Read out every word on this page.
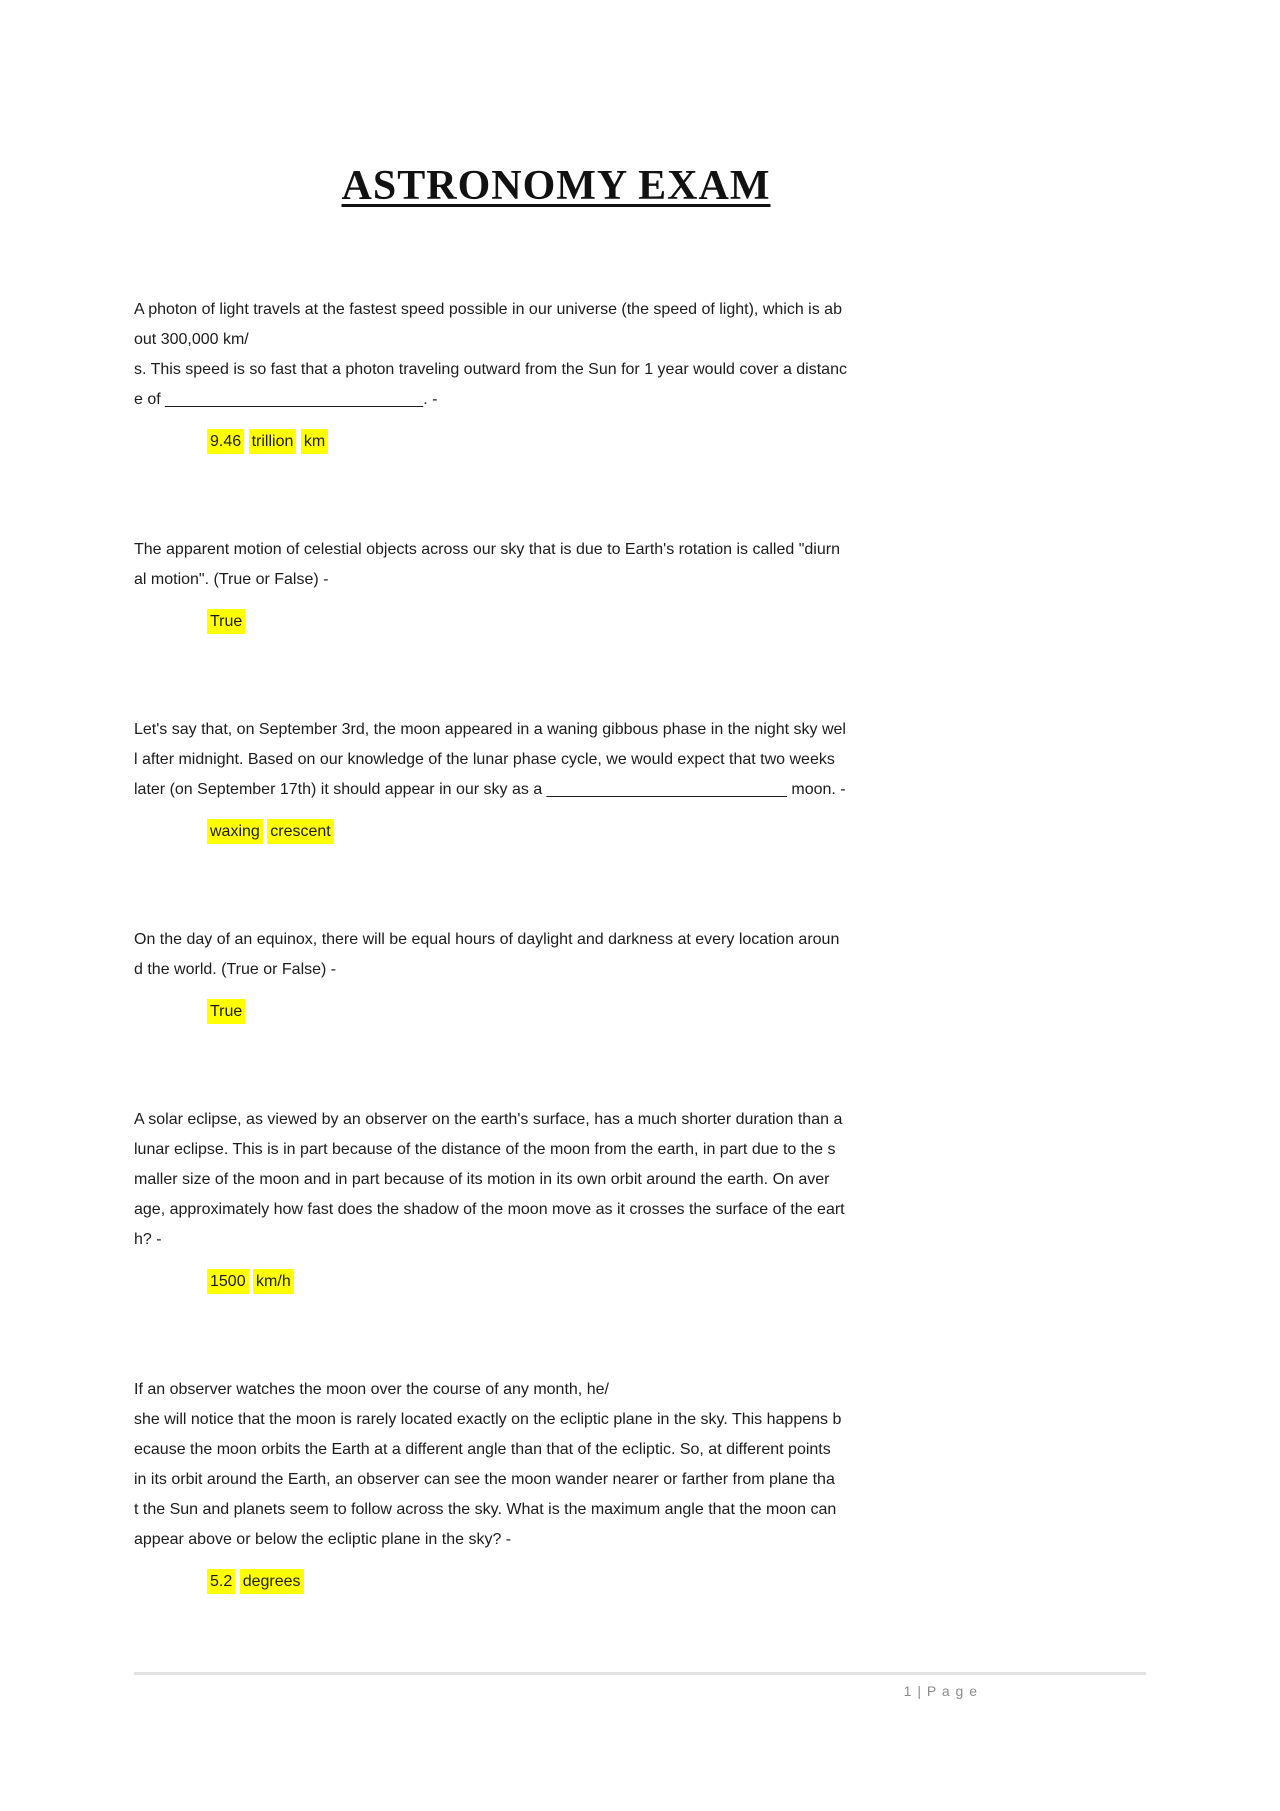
ASTRONOMY EXAM
A photon of light travels at the fastest speed possible in our universe (the speed of light), which is ab
out 300,000 km/
s. This speed is so fast that a photon traveling outward from the Sun for 1 year would cover a distanc
e of _____________________________. -
9.46 trillion km
The apparent motion of celestial objects across our sky that is due to Earth's rotation is called "diurn
al motion". (True or False) -
True
Let's say that, on September 3rd, the moon appeared in a waning gibbous phase in the night sky wel
l after midnight. Based on our knowledge of the lunar phase cycle, we would expect that two weeks
later (on September 17th) it should appear in our sky as a ___________________________ moon. -
waxing crescent
On the day of an equinox, there will be equal hours of daylight and darkness at every location aroun
d the world. (True or False) -
True
A solar eclipse, as viewed by an observer on the earth's surface, has a much shorter duration than a
lunar eclipse. This is in part because of the distance of the moon from the earth, in part due to the s
maller size of the moon and in part because of its motion in its own orbit around the earth. On aver
age, approximately how fast does the shadow of the moon move as it crosses the surface of the eart
h? -
1500 km/h
If an observer watches the moon over the course of any month, he/
she will notice that the moon is rarely located exactly on the ecliptic plane in the sky. This happens b
ecause the moon orbits the Earth at a different angle than that of the ecliptic. So, at different points
in its orbit around the Earth, an observer can see the moon wander nearer or farther from plane tha
t the Sun and planets seem to follow across the sky. What is the maximum angle that the moon can
appear above or below the ecliptic plane in the sky? -
5.2 degrees
1 | P a g e
